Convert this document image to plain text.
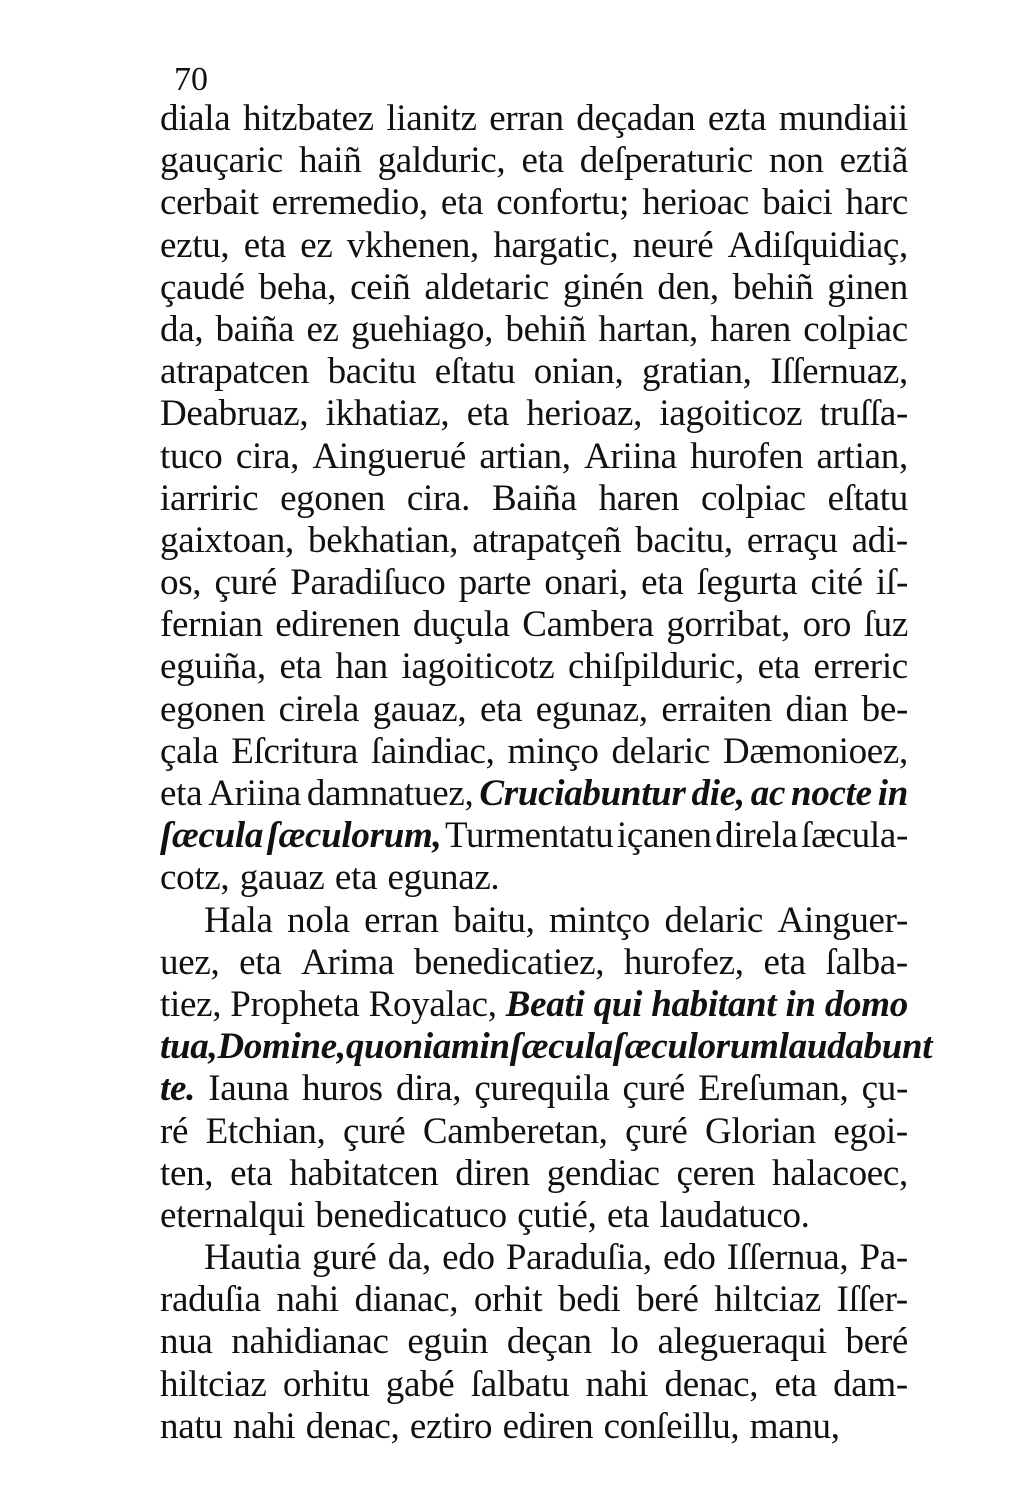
70
diala hitzbatez lianitz erran deçadan ezta mundiaii
gauçaric haiñ galduric, eta deſperaturic non eztiã
cerbait erremedio, eta confortu; herioac baici harc
eztu, eta ez vkhenen, hargatic, neuré Adiſquidiaç,
çaudé beha, ceiñ aldetaric ginén den, behiñ ginen
da, baiña ez guehiago, behiñ hartan, haren colpiac
atrapatcen bacitu eſtatu onian, gratian, Iſſernuaz,
Deabruaz, ikhatiaz, eta herioaz, iagoiticoz truſſa-
tuco cira, Ainguerué artian, Ariina hurofen artian,
iarriric egonen cira. Baiña haren colpiac eſtatu
gaixtoan, bekhatian, atrapatçeñ bacitu, erraçu adi-
os, çuré Paradiſuco parte onari, eta ſegurta cité iſ-
fernian edirenen duçula Cambera gorribat, oro ſuz
eguiña, eta han iagoiticotz chiſpilduric, eta erreric
egonen cirela gauaz, eta egunaz, erraiten dian be-
çala Eſcritura ſaindiac, minço delaric Dæmonioez,
eta Ariina damnatuez, Cruciabuntur die, ac nocte in
ſæcula ſæculorum, Turmentatu içanen direla ſæcula-
cotz, gauaz eta egunaz.
Hala nola erran baitu, mintço delaric Ainguer-
uez, eta Arima benedicatiez, hurofez, eta ſalba-
tiez, Propheta Royalac, Beati qui habitant in domo
tua, Domine, quoniam in ſæcula ſæculorum laudabunt
te. Iauna huros dira, çurequila çuré Ereſuman, çu-
ré Etchian, çuré Camberetan, çuré Glorian egoi-
ten, eta habitatcen diren gendiac çeren halacoec,
eternalqui benedicatuco çutié, eta laudatuco.
Hautia guré da, edo Paraduſia, edo Iſſernua, Pa-
raduſia nahi dianac, orhit bedi beré hiltciaz Iſſer-
nua nahidianac eguin deçan lo alegueraqui beré
hiltciaz orhitu gabé ſalbatu nahi denac, eta dam-
natu nahi denac, eztiro ediren conſeillu, manu,
